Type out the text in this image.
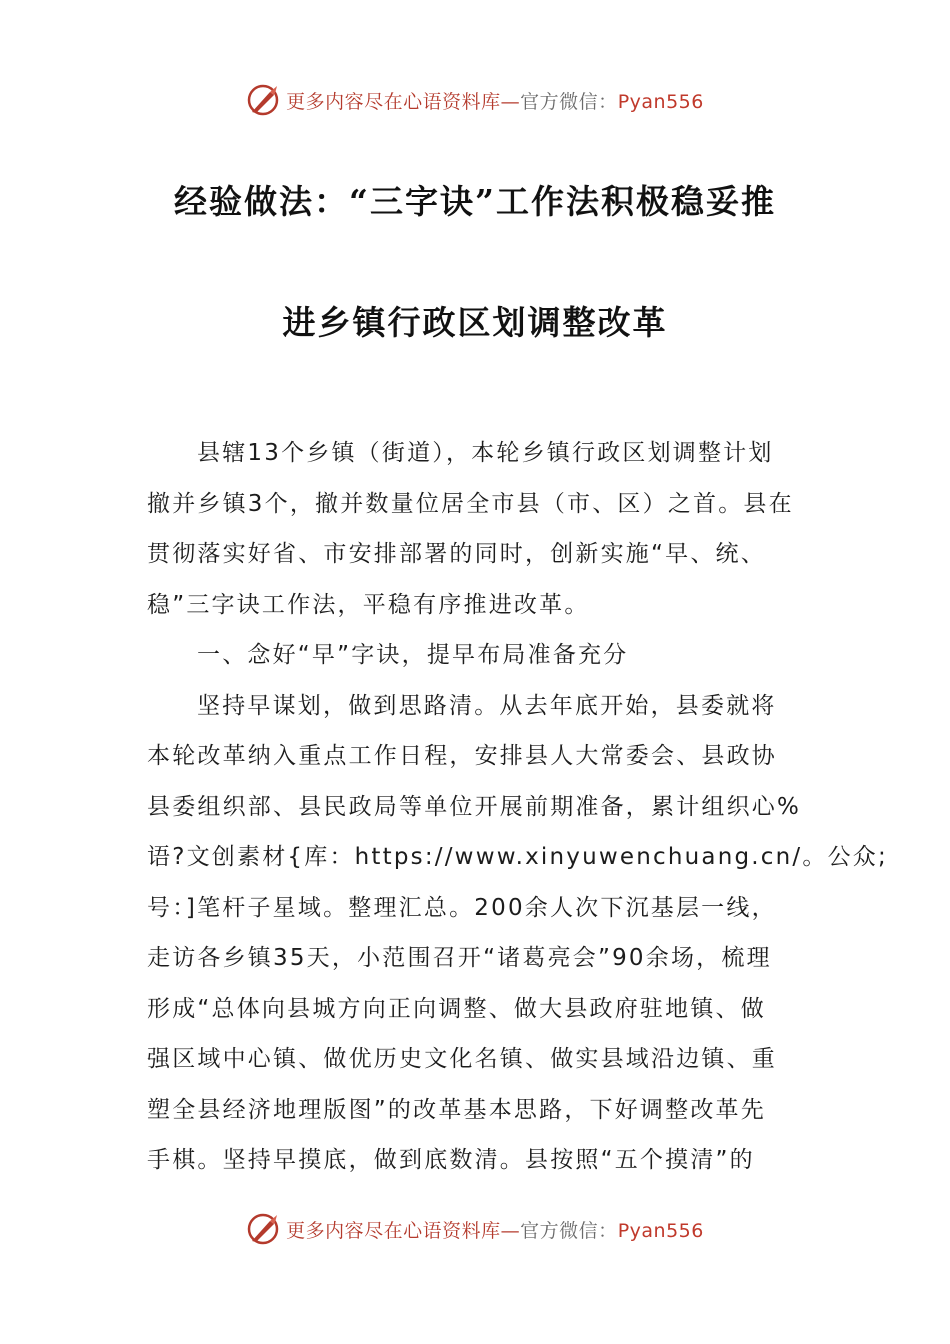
更多内容尽在心语资料库—官方微信：Pyan556
经验做法：“三字诀”工作法积极稳妥推
进乡镇行政区划调整改革
县辖13个乡镇（街道），本轮乡镇行政区划调整计划
撤并乡镇3个，撤并数量位居全市县（市、区）之首。县在
贯彻落实好省、市安排部署的同时，创新实施“早、统、
稳”三字诀工作法，平稳有序推进改革。
一、念好“早”字诀，提早布局准备充分
坚持早谋划，做到思路清。从去年底开始，县委就将
本轮改革纳入重点工作日程，安排县人大常委会、县政协
县委组织部、县民政局等单位开展前期准备，累计组织心%
语?文创素材{库：https://www.xinyuwenchuang.cn/。公众;
号：]笔杆子星域。整理汇总。200余人次下沉基层一线，
走访各乡镇35天，小范围召开“诸葛亮会”90余场，梳理
形成“总体向县城方向正向调整、做大县政府驻地镇、做
强区域中心镇、做优历史文化名镇、做实县域沿边镇、重
塑全县经济地理版图”的改革基本思路，下好调整改革先
手棋。坚持早摸底，做到底数清。县按照“五个摸清”的
更多内容尽在心语资料库—官方微信：Pyan556
